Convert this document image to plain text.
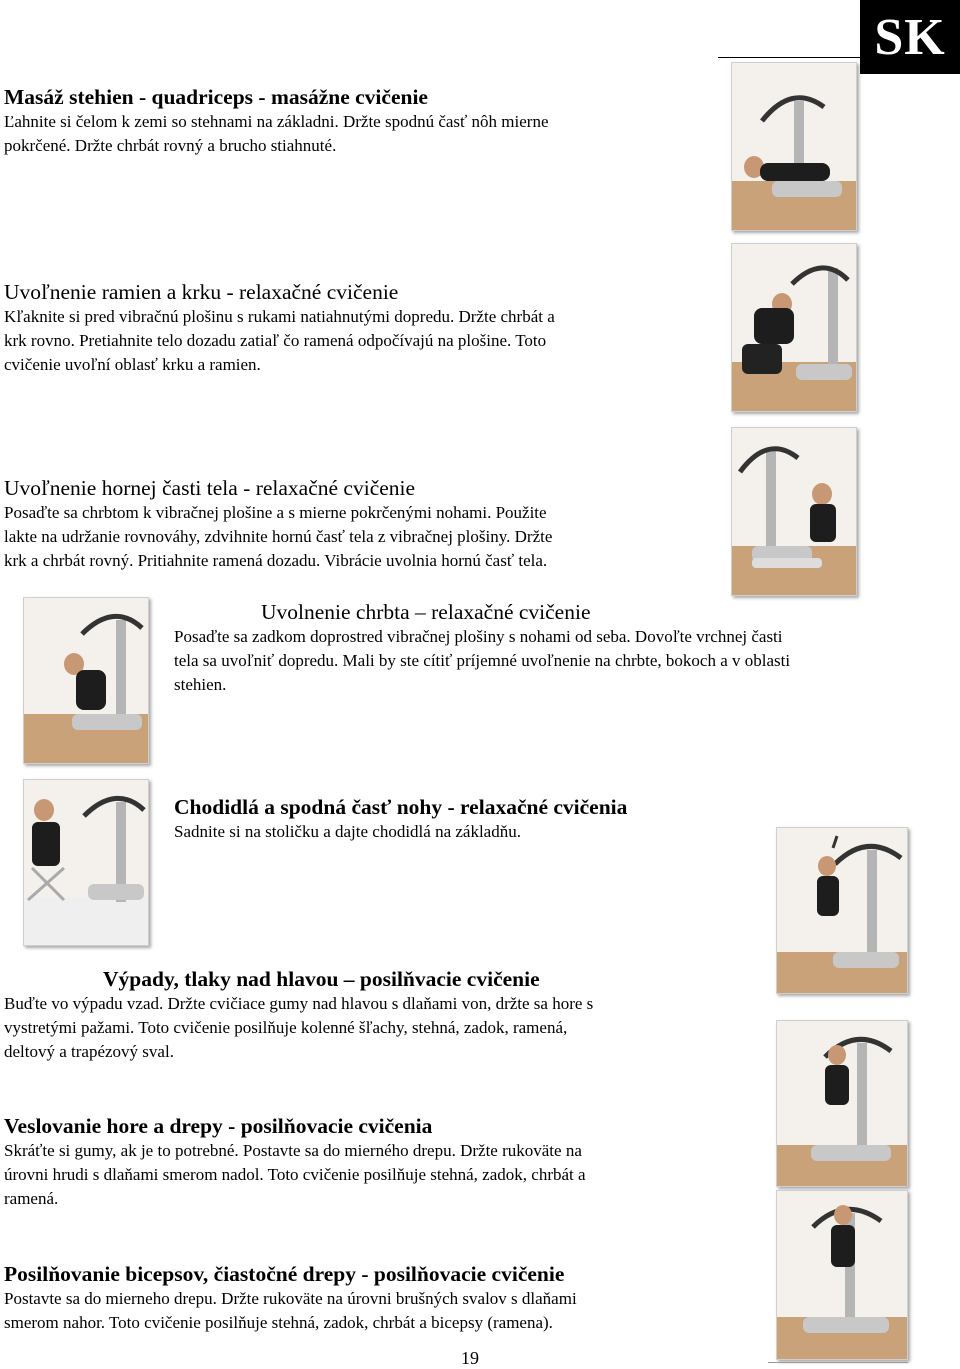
SK
Masáž stehien - quadriceps - masážne cvičenie
Ľahnite si čelom k zemi so stehnami na základni. Držte spodnú časť nôh mierne
pokrčené. Držte chrbát rovný a brucho stiahnuté.
Uvoľnenie ramien a krku - relaxačné cvičenie
Kľaknite si pred vibračnú plošinu s rukami natiahnutými dopredu. Držte chrbát a
krk rovno. Pretiahnite telo dozadu zatiaľ čo ramená odpočívajú na plošine. Toto
cvičenie uvoľní oblasť krku a ramien.
Uvoľnenie hornej časti tela - relaxačné cvičenie
Posaďte sa chrbtom k vibračnej plošine a s mierne pokrčenými nohami. Použite
lakte na udržanie rovnováhy, zdvihnite hornú časť tela z vibračnej plošiny. Držte
krk a chrbát rovný. Pritiahnite ramená dozadu. Vibrácie uvolnia hornú časť tela.
Uvolnenie chrbta – relaxačné cvičenie
Posaďte sa zadkom doprostred vibračnej plošiny s nohami od seba. Dovoľte vrchnej časti
tela sa uvoľniť dopredu. Mali by ste cítiť príjemné uvoľnenie na chrbte, bokoch a v oblasti
stehien.
Chodidlá a spodná časť nohy - relaxačné cvičenia
Sadnite si na stoličku a dajte chodidlá na základňu.
Výpady, tlaky nad hlavou – posilňvacie cvičenie
Buďte vo výpadu vzad. Držte cvičiace gumy nad hlavou s dlaňami von, držte sa hore s
vystretými pažami. Toto cvičenie posilňuje kolenné šľachy, stehná, zadok, ramená,
deltový a trapézový sval.
Veslovanie hore a drepy - posilňovacie cvičenia
Skráťte si gumy, ak je to potrebné. Postavte sa do mierného drepu. Držte rukoväte na
úrovni hrudi s dlaňami smerom nadol. Toto cvičenie posilňuje stehná, zadok, chrbát a
ramená.
Posilňovanie bicepsov, čiastočné drepy - posilňovacie cvičenie
Postavte sa do mierneho drepu. Držte rukoväte na úrovni brušných svalov s dlaňami
smerom nahor. Toto cvičenie posilňuje stehná, zadok, chrbát a bicepsy (ramena).
19
